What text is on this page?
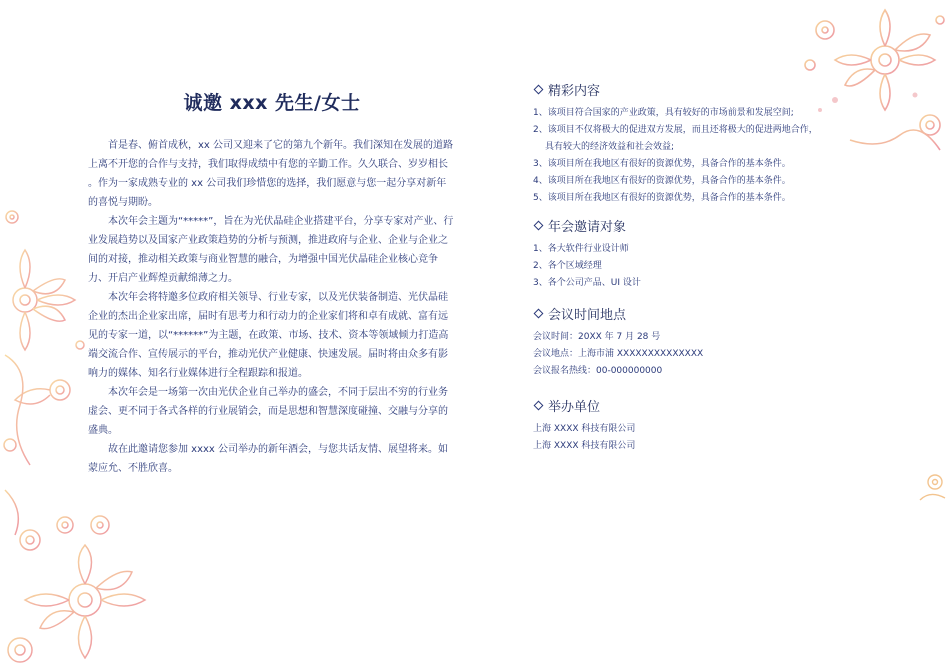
诚邀 xxx 先生/女士

首是春、俯首成秋，xx 公司又迎来了它的第九个新年。我们深知在发展的道路上离不开您的合作与支持，我们取得成绩中有您的辛勤工作。久久联合、岁岁相长

。作为一家成熟专业的 xx 公司我们珍惜您的选择，我们愿意与您一起分享对新年的喜悦与期盼。

本次年会主题为“*****”，旨在为光伏晶硅企业搭建平台，分享专家对产业、行业发展趋势以及国家产业政策趋势的分析与预测，推进政府与企业、企业与企业之间的对接，推动相关政策与商业智慧的融合，为增强中国光伏晶硅企业核心竞争力、开启产业辉煌贡献绵薄之力。

本次年会将特邀多位政府相关领导、行业专家，以及光伏装备制造、光伏晶硅企业的杰出企业家出席，届时有思考力和行动力的企业家们将和卓有成就、富有远见的专家一道，以“******”为主题，在政策、市场、技术、资本等领域倾力打造高端交流合作、宣传展示的平台，推动光伏产业健康、快速发展。届时将由众多有影响力的媒体、知名行业媒体进行全程跟踪和报道。

本次年会是一场第一次由光伏企业自己举办的盛会，不同于层出不穷的行业务虚会、更不同于各式各样的行业展销会，而是思想和智慧深度碰撞、交融与分享的盛典。

故在此邀请您参加 xxxx 公司举办的新年酒会，与您共话友情、展望将来。如蒙应允、不胜欣喜。

精彩内容
1、该项目符合国家的产业政策，具有较好的市场前景和发展空间;
2、该项目不仅将极大的促进双方发展，而且还将极大的促进两地合作，
具有较大的经济效益和社会效益;
3、该项目所在我地区有很好的资源优势，具备合作的基本条件。
4、该项目所在我地区有很好的资源优势，具备合作的基本条件。
5、该项目所在我地区有很好的资源优势，具备合作的基本条件。
年会邀请对象
1、各大软件行业设计师
2、各个区域经理
3、各个公司产品、UI 设计
会议时间地点
会议时间：20XX 年 7 月 28 号
会议地点：上海市浦 XXXXXXXXXXXXXX
会议报名热线：00-000000000
举办单位
上海 XXXX 科技有限公司
上海 XXXX 科技有限公司
